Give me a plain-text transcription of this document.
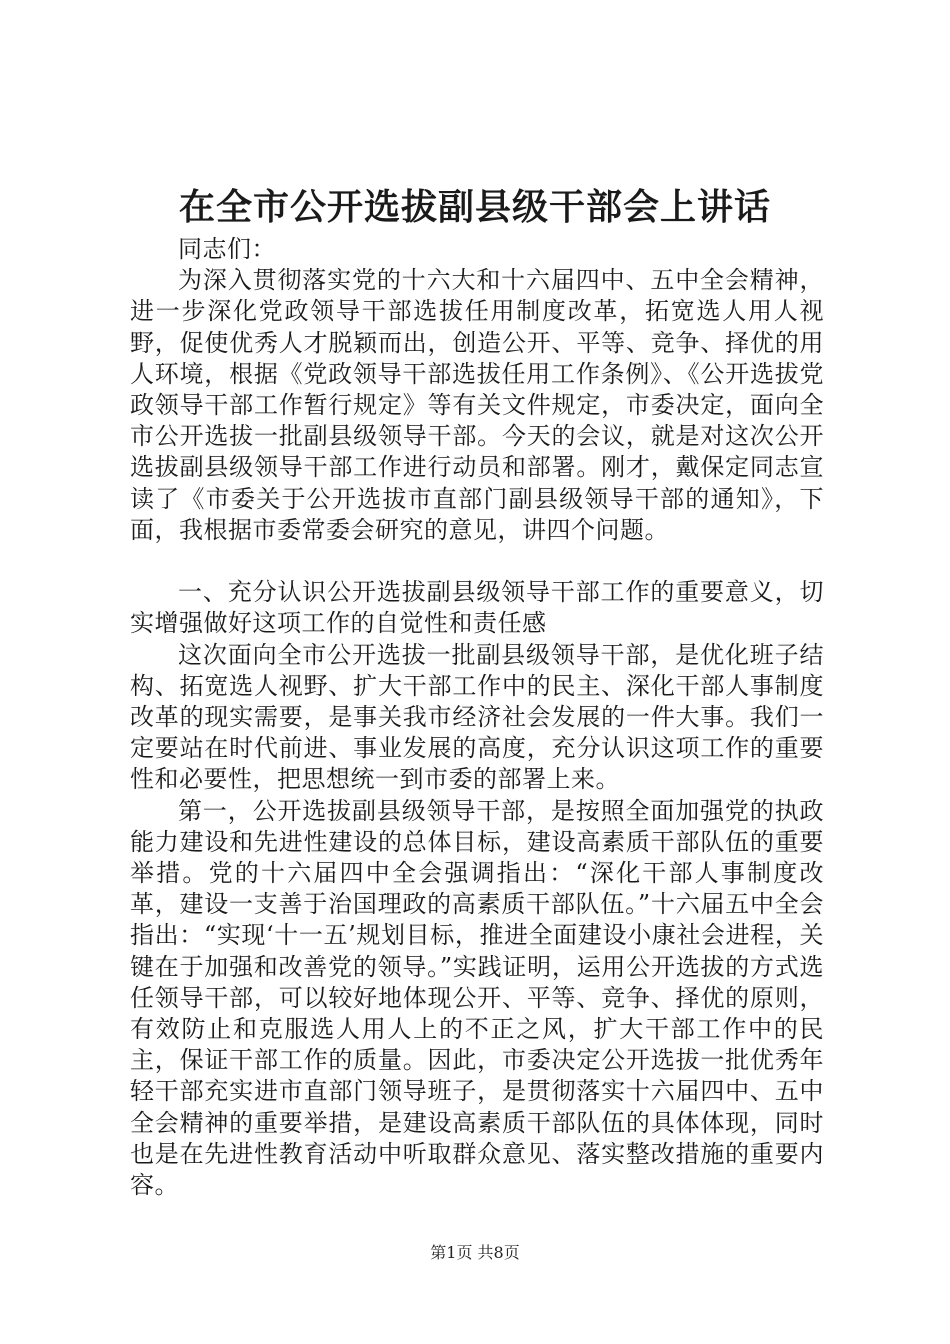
在全市公开选拔副县级干部会上讲话

同志们：

为深入贯彻落实党的十六大和十六届四中、五中全会精神，进一步深化党政领导干部选拔任用制度改革，拓宽选人用人视野，促使优秀人才脱颖而出，创造公开、平等、竞争、择优的用人环境，根据《党政领导干部选拔任用工作条例》、《公开选拔党政领导干部工作暂行规定》等有关文件规定，市委决定，面向全市公开选拔一批副县级领导干部。今天的会议，就是对这次公开选拔副县级领导干部工作进行动员和部署。刚才，戴保定同志宣读了《市委关于公开选拔市直部门副县级领导干部的通知》，下面，我根据市委常委会研究的意见，讲四个问题。

一、充分认识公开选拔副县级领导干部工作的重要意义，切实增强做好这项工作的自觉性和责任感

这次面向全市公开选拔一批副县级领导干部，是优化班子结构、拓宽选人视野、扩大干部工作中的民主、深化干部人事制度改革的现实需要，是事关我市经济社会发展的一件大事。我们一定要站在时代前进、事业发展的高度，充分认识这项工作的重要性和必要性，把思想统一到市委的部署上来。

第一，公开选拔副县级领导干部，是按照全面加强党的执政能力建设和先进性建设的总体目标，建设高素质干部队伍的重要举措。党的十六届四中全会强调指出：“深化干部人事制度改革，建设一支善于治国理政的高素质干部队伍。”十六届五中全会指出：“实现‘十一五’规划目标，推进全面建设小康社会进程，关键在于加强和改善党的领导。”实践证明，运用公开选拔的方式选任领导干部，可以较好地体现公开、平等、竞争、择优的原则，有效防止和克服选人用人上的不正之风，扩大干部工作中的民主，保证干部工作的质量。因此，市委决定公开选拔一批优秀年轻干部充实进市直部门领导班子，是贯彻落实十六届四中、五中全会精神的重要举措，是建设高素质干部队伍的具体体现，同时也是在先进性教育活动中听取群众意见、落实整改措施的重要内容。

第1页 共8页
